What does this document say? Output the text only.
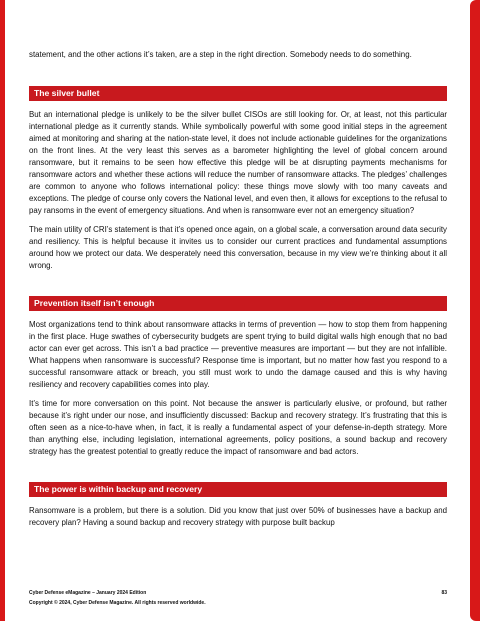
statement, and the other actions it’s taken, are a step in the right direction. Somebody needs to do something.

The silver bullet

But an international pledge is unlikely to be the silver bullet CISOs are still looking for. Or, at least, not this particular international pledge as it currently stands. While symbolically powerful with some good initial steps in the agreement aimed at monitoring and sharing at the nation-state level, it does not include actionable guidelines for the organizations on the front lines. At the very least this serves as a barometer highlighting the level of global concern around ransomware, but it remains to be seen how effective this pledge will be at disrupting payments mechanisms for ransomware actors and whether these actions will reduce the number of ransomware attacks. The pledges’ challenges are common to anyone who follows international policy: these things move slowly with too many caveats and exceptions. The pledge of course only covers the National level, and even then, it allows for exceptions to the refusal to pay ransoms in the event of emergency situations. And when is ransomware ever not an emergency situation?

The main utility of CRI’s statement is that it’s opened once again, on a global scale, a conversation around data security and resiliency. This is helpful because it invites us to consider our current practices and fundamental assumptions around how we protect our data. We desperately need this conversation, because in my view we’re thinking about it all wrong.

Prevention itself isn’t enough

Most organizations tend to think about ransomware attacks in terms of prevention — how to stop them from happening in the first place. Huge swathes of cybersecurity budgets are spent trying to build digital walls high enough that no bad actor can ever get across. This isn’t a bad practice — preventive measures are important — but they are not infallible. What happens when ransomware is successful? Response time is important, but no matter how fast you respond to a successful ransomware attack or breach, you still must work to undo the damage caused and this is why having resiliency and recovery capabilities comes into play.

It’s time for more conversation on this point. Not because the answer is particularly elusive, or profound, but rather because it’s right under our nose, and insufficiently discussed: Backup and recovery strategy. It’s frustrating that this is often seen as a nice-to-have when, in fact, it is really a fundamental aspect of your defense-in-depth strategy. More than anything else, including legislation, international agreements, policy positions, a sound backup and recovery strategy has the greatest potential to greatly reduce the impact of ransomware and bad actors.

The power is within backup and recovery

Ransomware is a problem, but there is a solution. Did you know that just over 50% of businesses have a backup and recovery plan? Having a sound backup and recovery strategy with purpose built backup

Cyber Defense eMagazine – January 2024 Edition	83
Copyright © 2024, Cyber Defense Magazine. All rights reserved worldwide.
